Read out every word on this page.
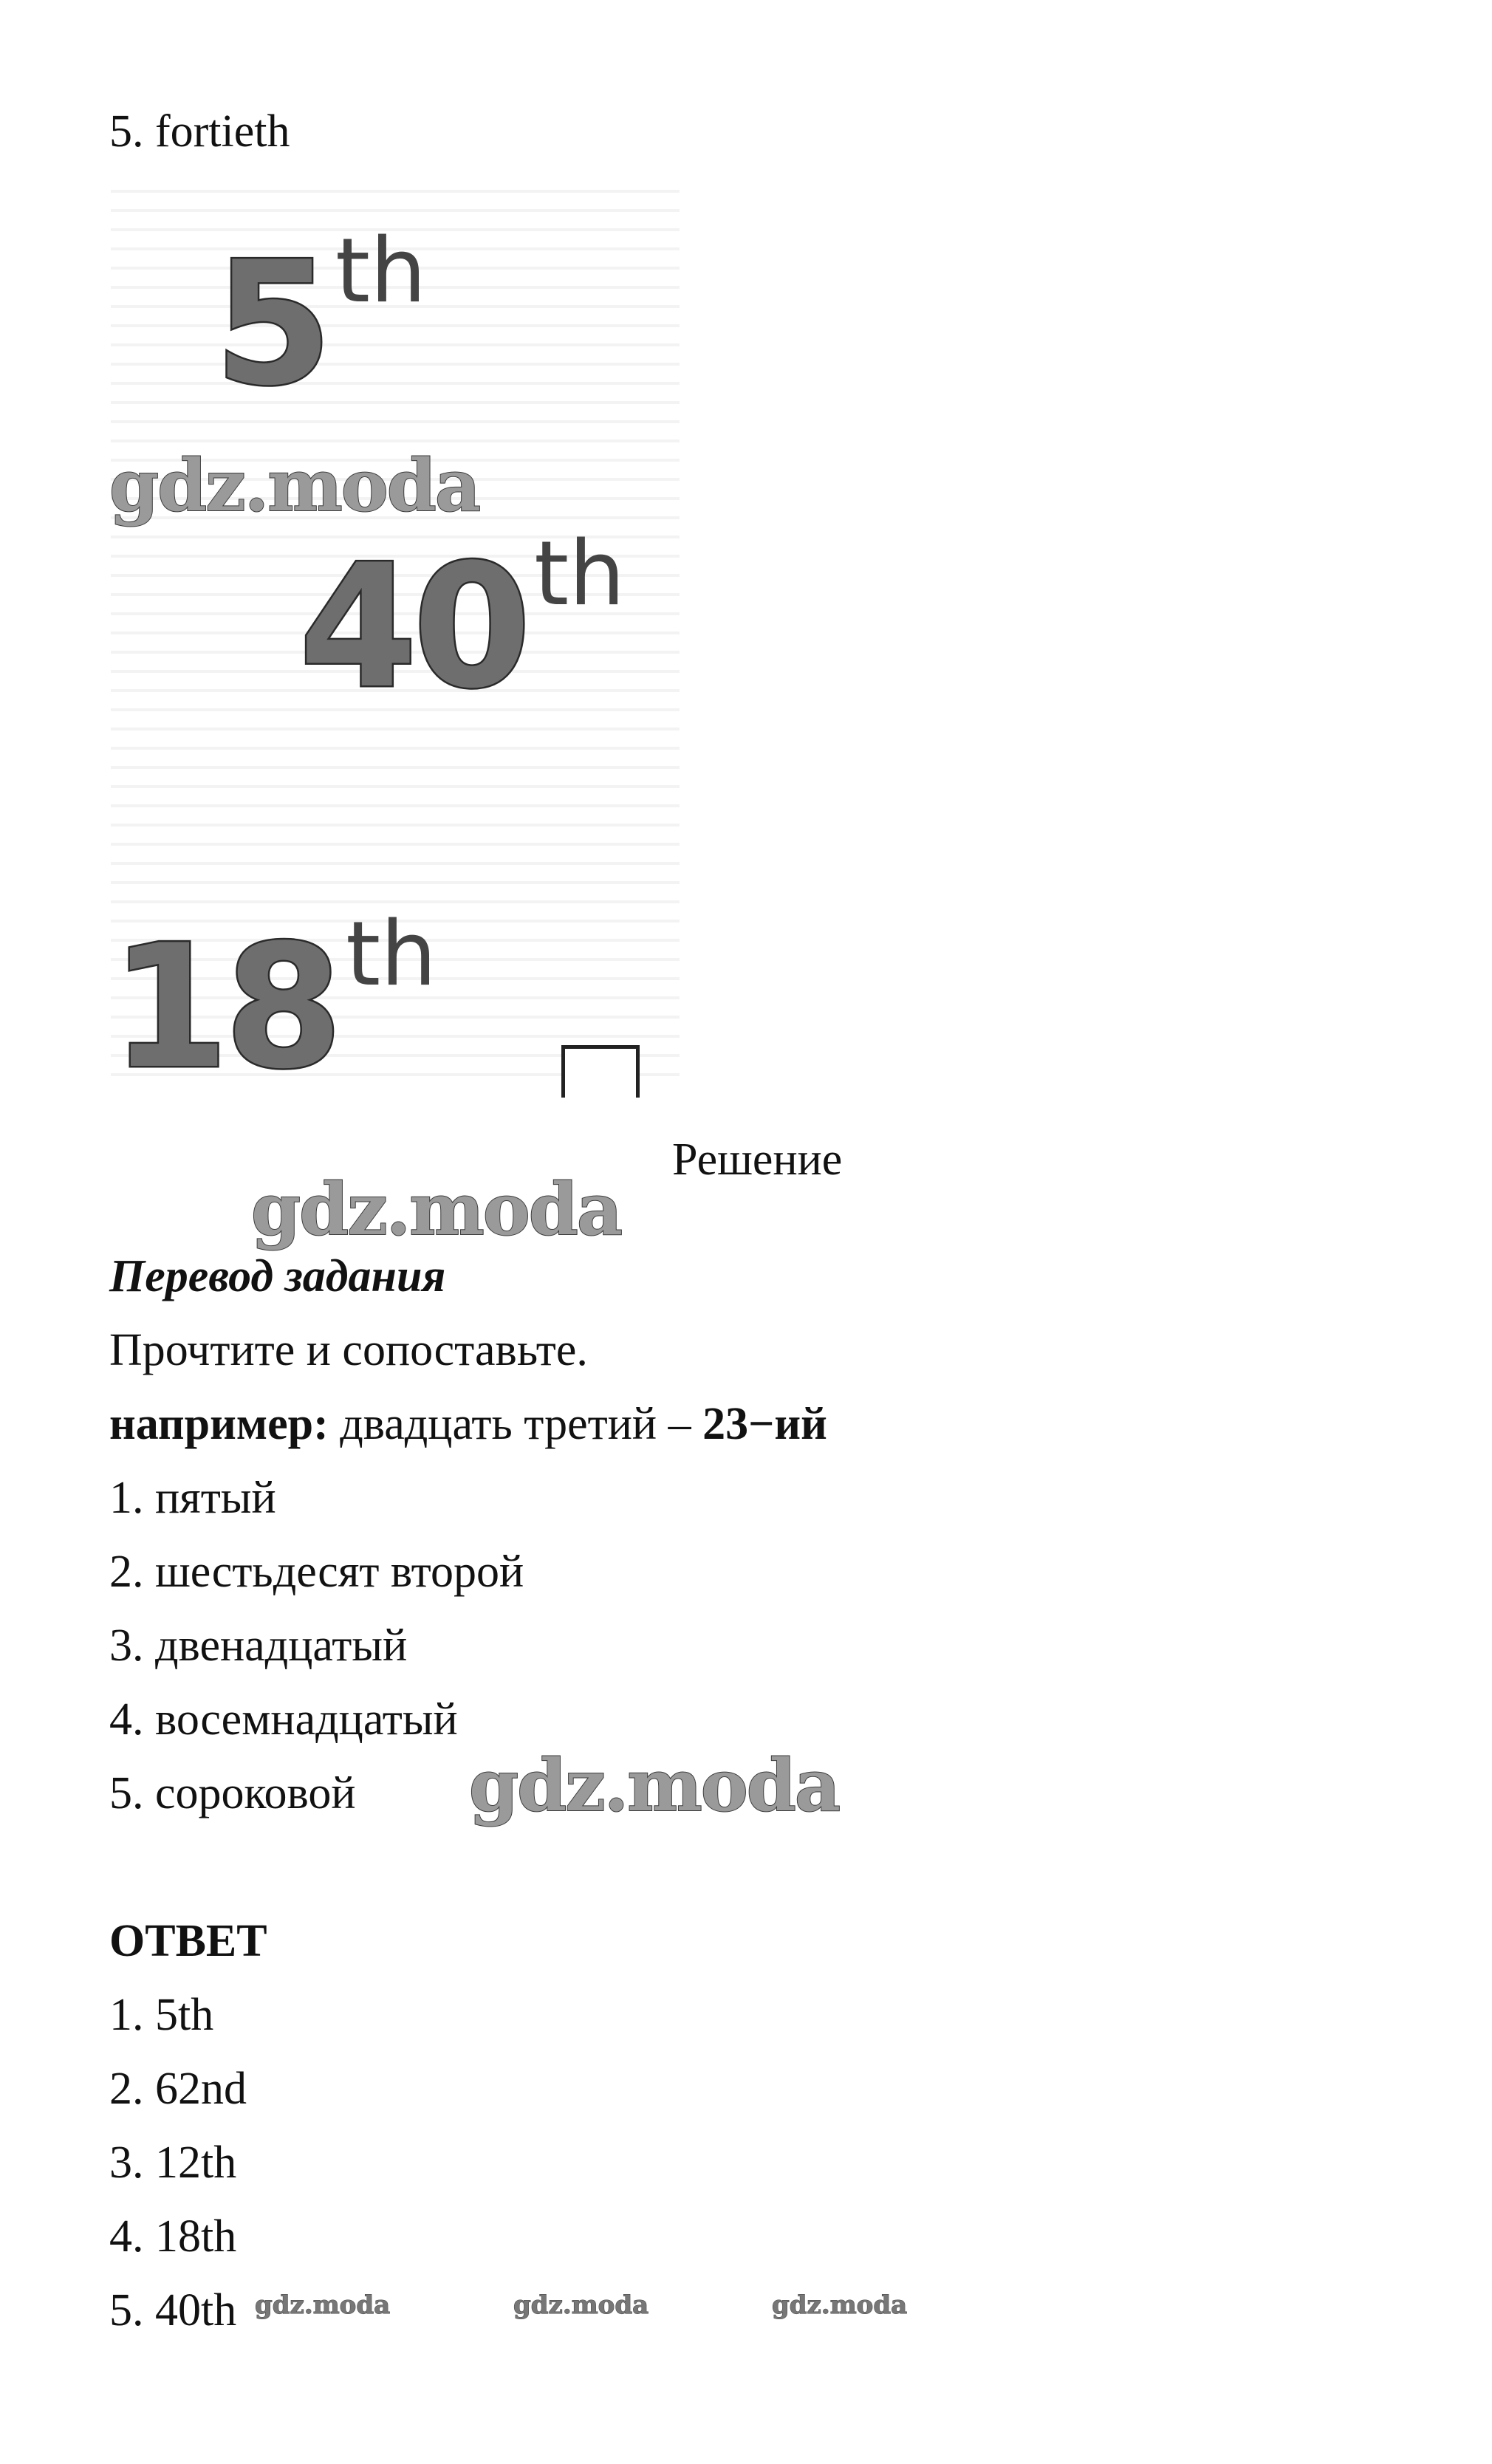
5. fortieth

5th
40th
18th
gdz.moda
gdz.moda
gdz.moda
gdz.moda	gdz.moda	gdz.moda

Решение

Перевод задания

Прочтите и сопоставьте.

например: двадцать третий – 23−ий

1. пятый

2. шестьдесят второй

3. двенадцатый

4. восемнадцатый

5. сороковой

ОТВЕТ

1. 5th

2. 62nd

3. 12th

4. 18th

5. 40th
